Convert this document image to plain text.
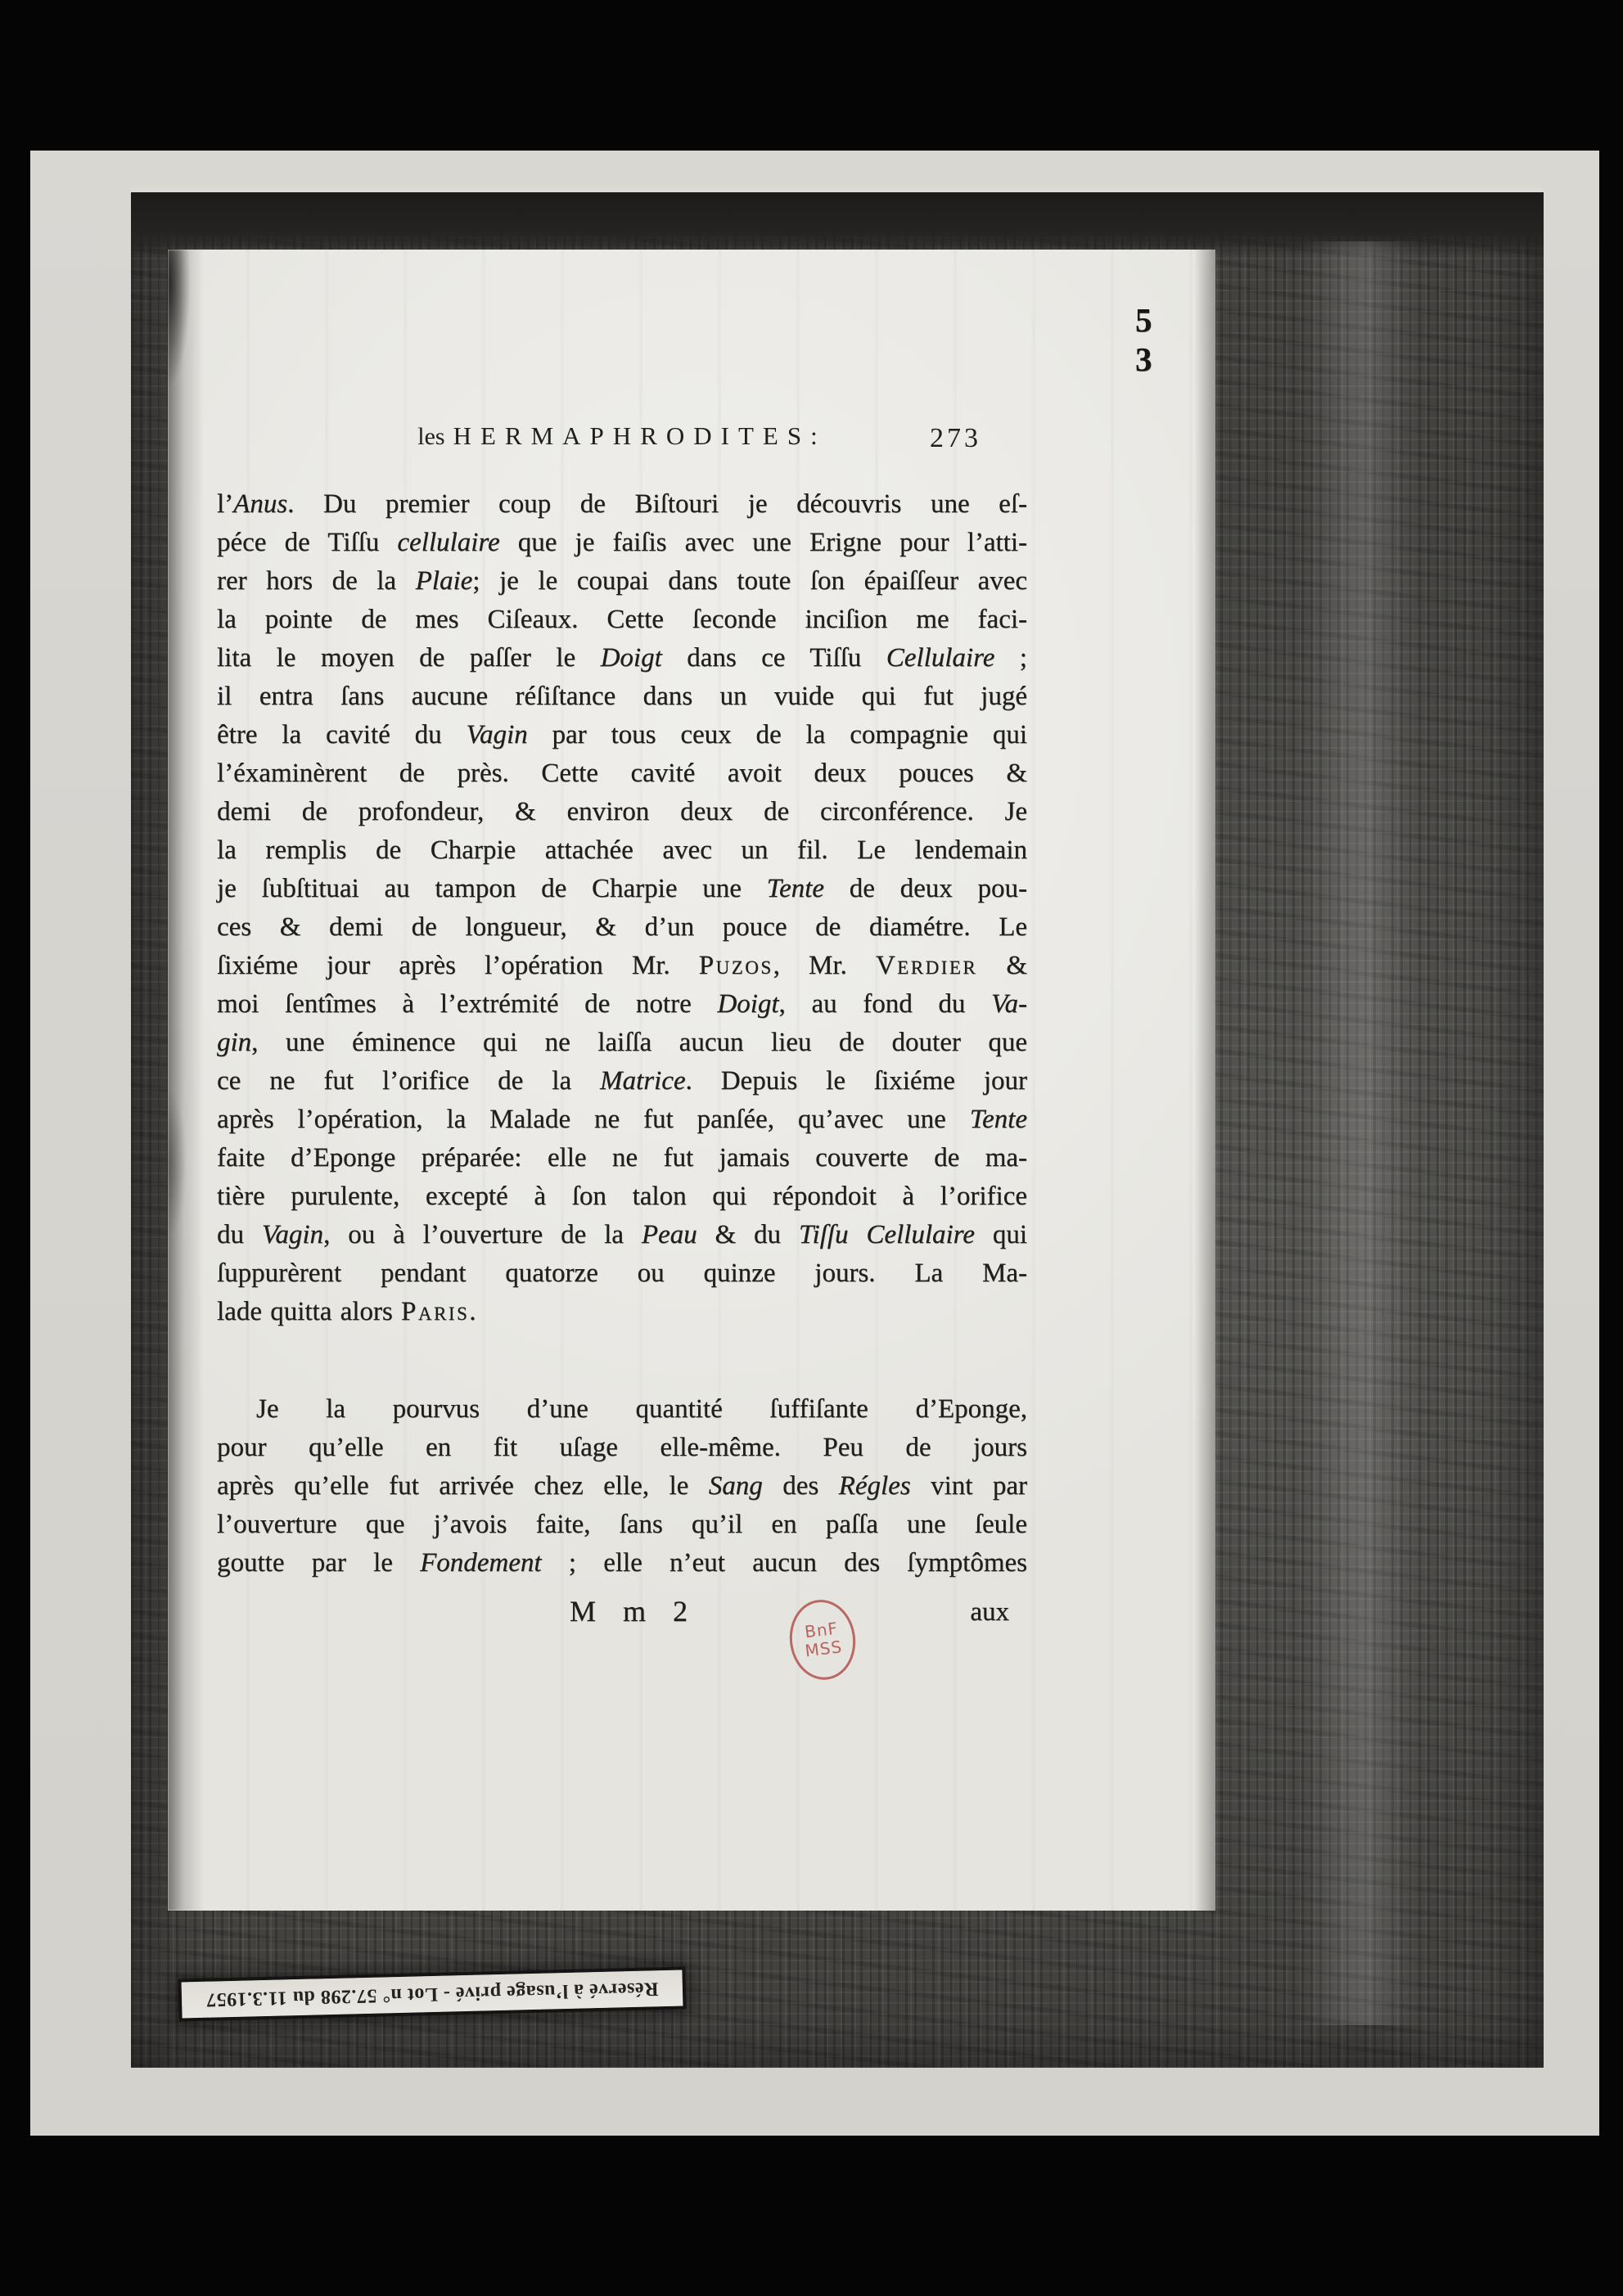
5 3
les HERMAPHRODITES:	273
l’Anus. Du premier coup de Biſtouri je découvris une eſ-
péce de Tiſſu cellulaire que je faiſis avec une Erigne pour l’atti-
rer hors de la Plaie; je le coupai dans toute ſon épaiſſeur avec
la pointe de mes Ciſeaux. Cette ſeconde inciſion me faci-
lita le moyen de paſſer le Doigt dans ce Tiſſu Cellulaire ;
il entra ſans aucune réſiſtance dans un vuide qui fut jugé
être la cavité du Vagin par tous ceux de la compagnie qui
l’éxaminèrent de près. Cette cavité avoit deux pouces &
demi de profondeur, & environ deux de circonférence. Je
la remplis de Charpie attachée avec un fil. Le lendemain
je ſubſtituai au tampon de Charpie une Tente de deux pou-
ces & demi de longueur, & d’un pouce de diamétre. Le
ſixiéme jour après l’opération Mr. Puzos, Mr. Verdier &
moi ſentîmes à l’extrémité de notre Doigt, au fond du Va-
gin, une éminence qui ne laiſſa aucun lieu de douter que
ce ne fut l’orifice de la Matrice. Depuis le ſixiéme jour
après l’opération, la Malade ne fut panſée, qu’avec une Tente
faite d’Eponge préparée: elle ne fut jamais couverte de ma-
tière purulente, excepté à ſon talon qui répondoit à l’orifice
du Vagin, ou à l’ouverture de la Peau & du Tiſſu Cellulaire qui
ſuppurèrent pendant quatorze ou quinze jours. La Ma-
lade quitta alors Paris.
Je la pourvus d’une quantité ſuffiſante d’Eponge,
pour qu’elle en fit uſage elle-même. Peu de jours
après qu’elle fut arrivée chez elle, le Sang des Régles vint par
l’ouverture que j’avois faite, ſans qu’il en paſſa une ſeule
goutte par le Fondement ; elle n’eut aucun des ſymptômes
M m 2	aux
BnF
MSS
Réservé à l’usage privé - Lot n° 57.298 du 11.3.1957
